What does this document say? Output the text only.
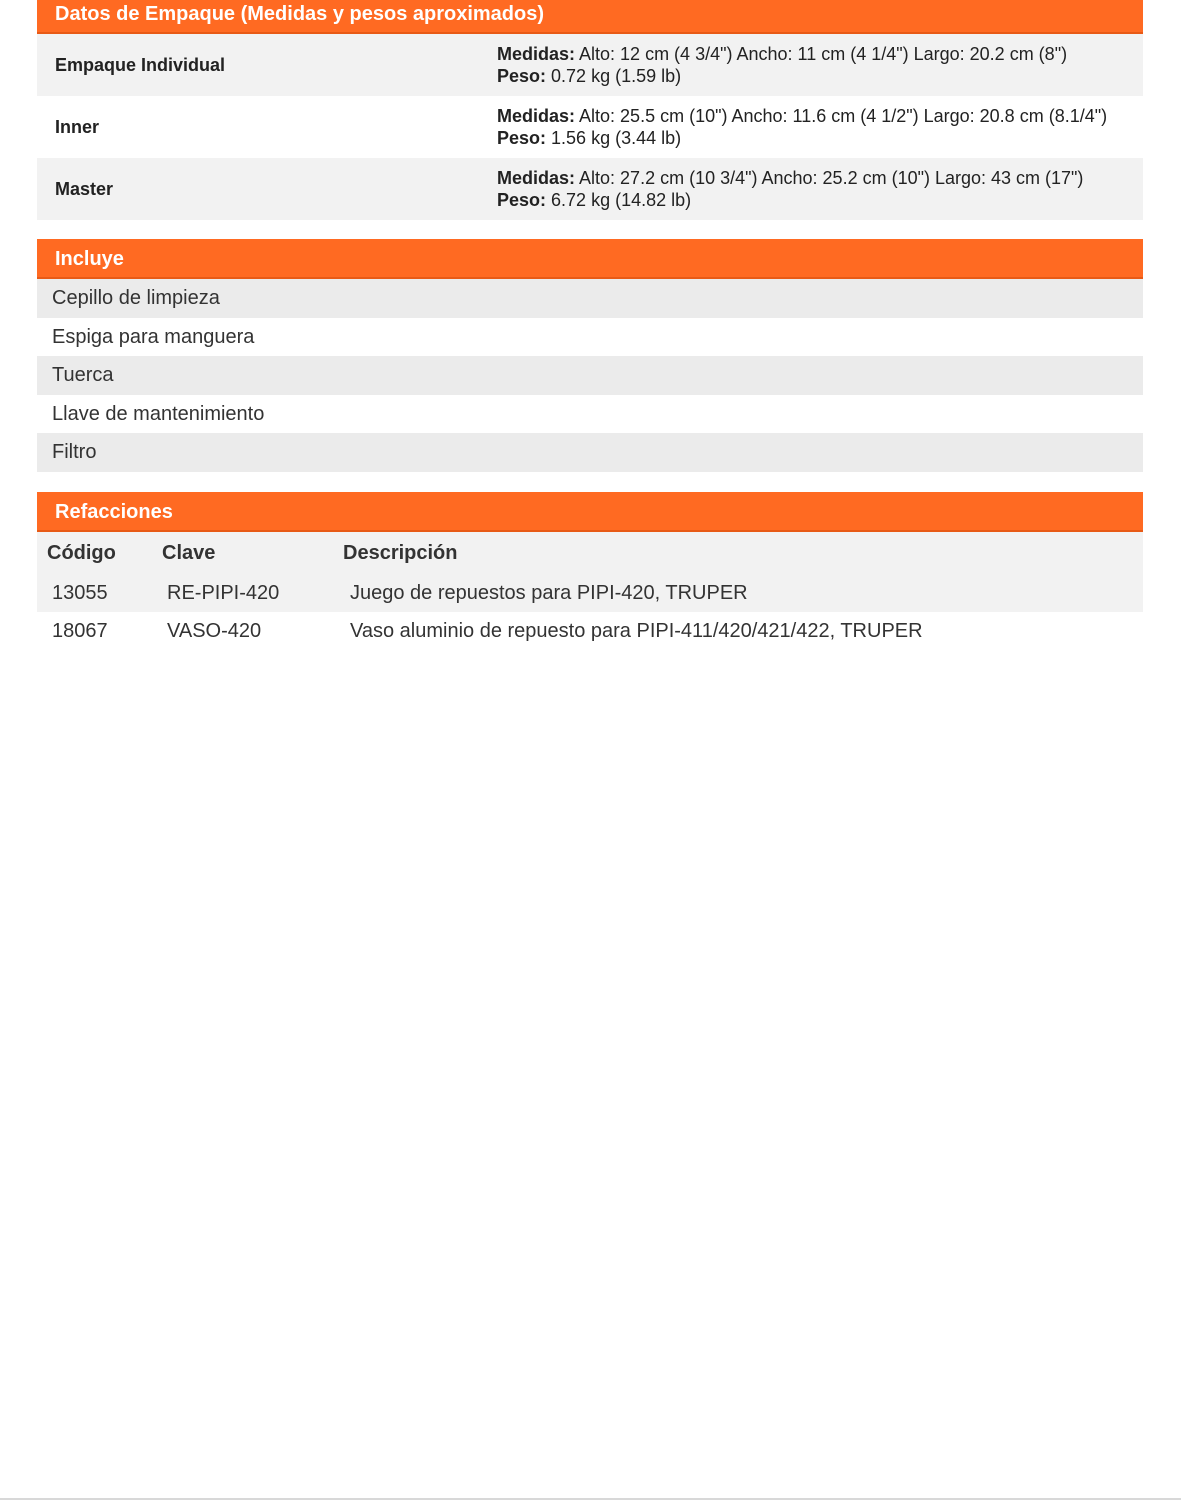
Datos de Empaque (Medidas y pesos aproximados)
Empaque Individual
Medidas: Alto: 12 cm (4 3/4") Ancho: 11 cm (4 1/4") Largo: 20.2 cm (8")
Peso: 0.72 kg (1.59 lb)
Inner
Medidas: Alto: 25.5 cm (10") Ancho: 11.6 cm (4 1/2") Largo: 20.8 cm (8.1/4") Peso: 1.56 kg (3.44 lb)
Master
Medidas: Alto: 27.2 cm (10 3/4") Ancho: 25.2 cm (10") Largo: 43 cm (17")
Peso: 6.72 kg (14.82 lb)
Incluye
Cepillo de limpieza
Espiga para manguera
Tuerca
Llave de mantenimiento
Filtro
Refacciones
Código	Clave	Descripción
13055	RE-PIPI-420	Juego de repuestos para PIPI-420, TRUPER
18067	VASO-420	Vaso aluminio de repuesto para PIPI-411/420/421/422, TRUPER
